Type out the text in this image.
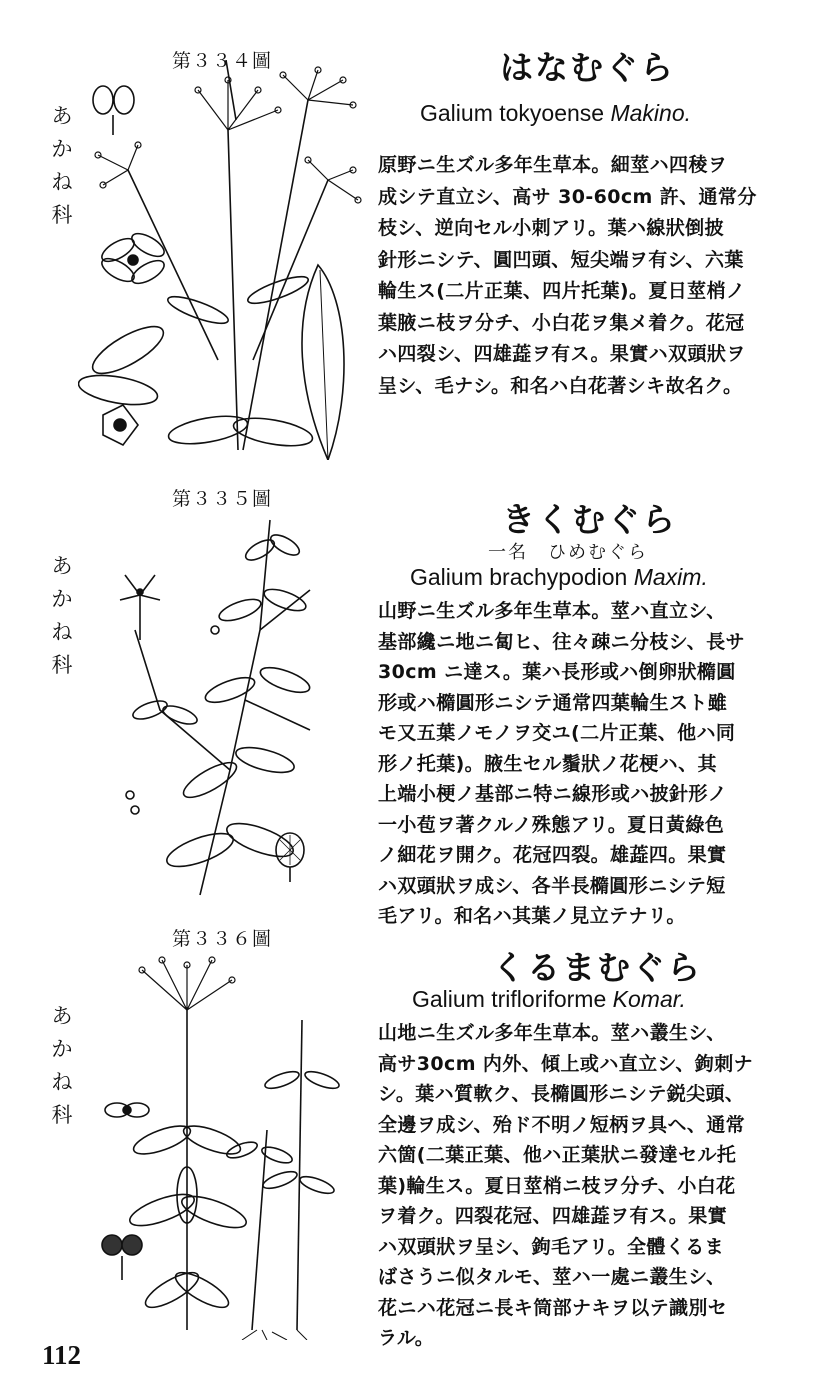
第３３４圖
あ
か
ね
科
はなむぐら
Galium tokyoense Makino.
原野ニ生ズル多年生草本。細莖ハ四稜ヲ
成シテ直立シ、高サ 30-60cm 許、通常分
枝シ、逆向セル小刺アリ。葉ハ線狀倒披
針形ニシテ、圓凹頭、短尖端ヲ有シ、六葉
輪生ス(二片正葉、四片托葉)。夏日莖梢ノ
葉腋ニ枝ヲ分チ、小白花ヲ集メ着ク。花冠
ハ四裂シ、四雄蕋ヲ有ス。果實ハ双頭狀ヲ
呈シ、毛ナシ。和名ハ白花著シキ故名ク。
第３３５圖
あ
か
ね
科
きくむぐら
一名　ひめむぐら
Galium brachypodion Maxim.
山野ニ生ズル多年生草本。莖ハ直立シ、
基部纔ニ地ニ匐ヒ、往々疎ニ分枝シ、長サ
30cm ニ達ス。葉ハ長形或ハ倒卵狀橢圓
形或ハ橢圓形ニシテ通常四葉輪生スト雖
モ又五葉ノモノヲ交ユ(二片正葉、他ハ同
形ノ托葉)。腋生セル鬚狀ノ花梗ハ、其
上端小梗ノ基部ニ特ニ線形或ハ披針形ノ
一小苞ヲ著クルノ殊態アリ。夏日黃綠色
ノ細花ヲ開ク。花冠四裂。雄蕋四。果實
ハ双頭狀ヲ成シ、各半長橢圓形ニシテ短
毛アリ。和名ハ其葉ノ見立テナリ。
第３３６圖
あ
か
ね
科
くるまむぐら
Galium trifloriforme Komar.
山地ニ生ズル多年生草本。莖ハ叢生シ、
高サ30cm 内外、傾上或ハ直立シ、鉤刺ナ
シ。葉ハ質軟ク、長橢圓形ニシテ鋭尖頭、
全邊ヲ成シ、殆ド不明ノ短柄ヲ具ヘ、通常
六箇(二葉正葉、他ハ正葉狀ニ發達セル托
葉)輪生ス。夏日莖梢ニ枝ヲ分チ、小白花
ヲ着ク。四裂花冠、四雄蕋ヲ有ス。果實
ハ双頭狀ヲ呈シ、鉤毛アリ。全體くるま
ばさうニ似タルモ、莖ハ一處ニ叢生シ、
花ニハ花冠ニ長キ筒部ナキヲ以テ識別セ
ラル。
112
